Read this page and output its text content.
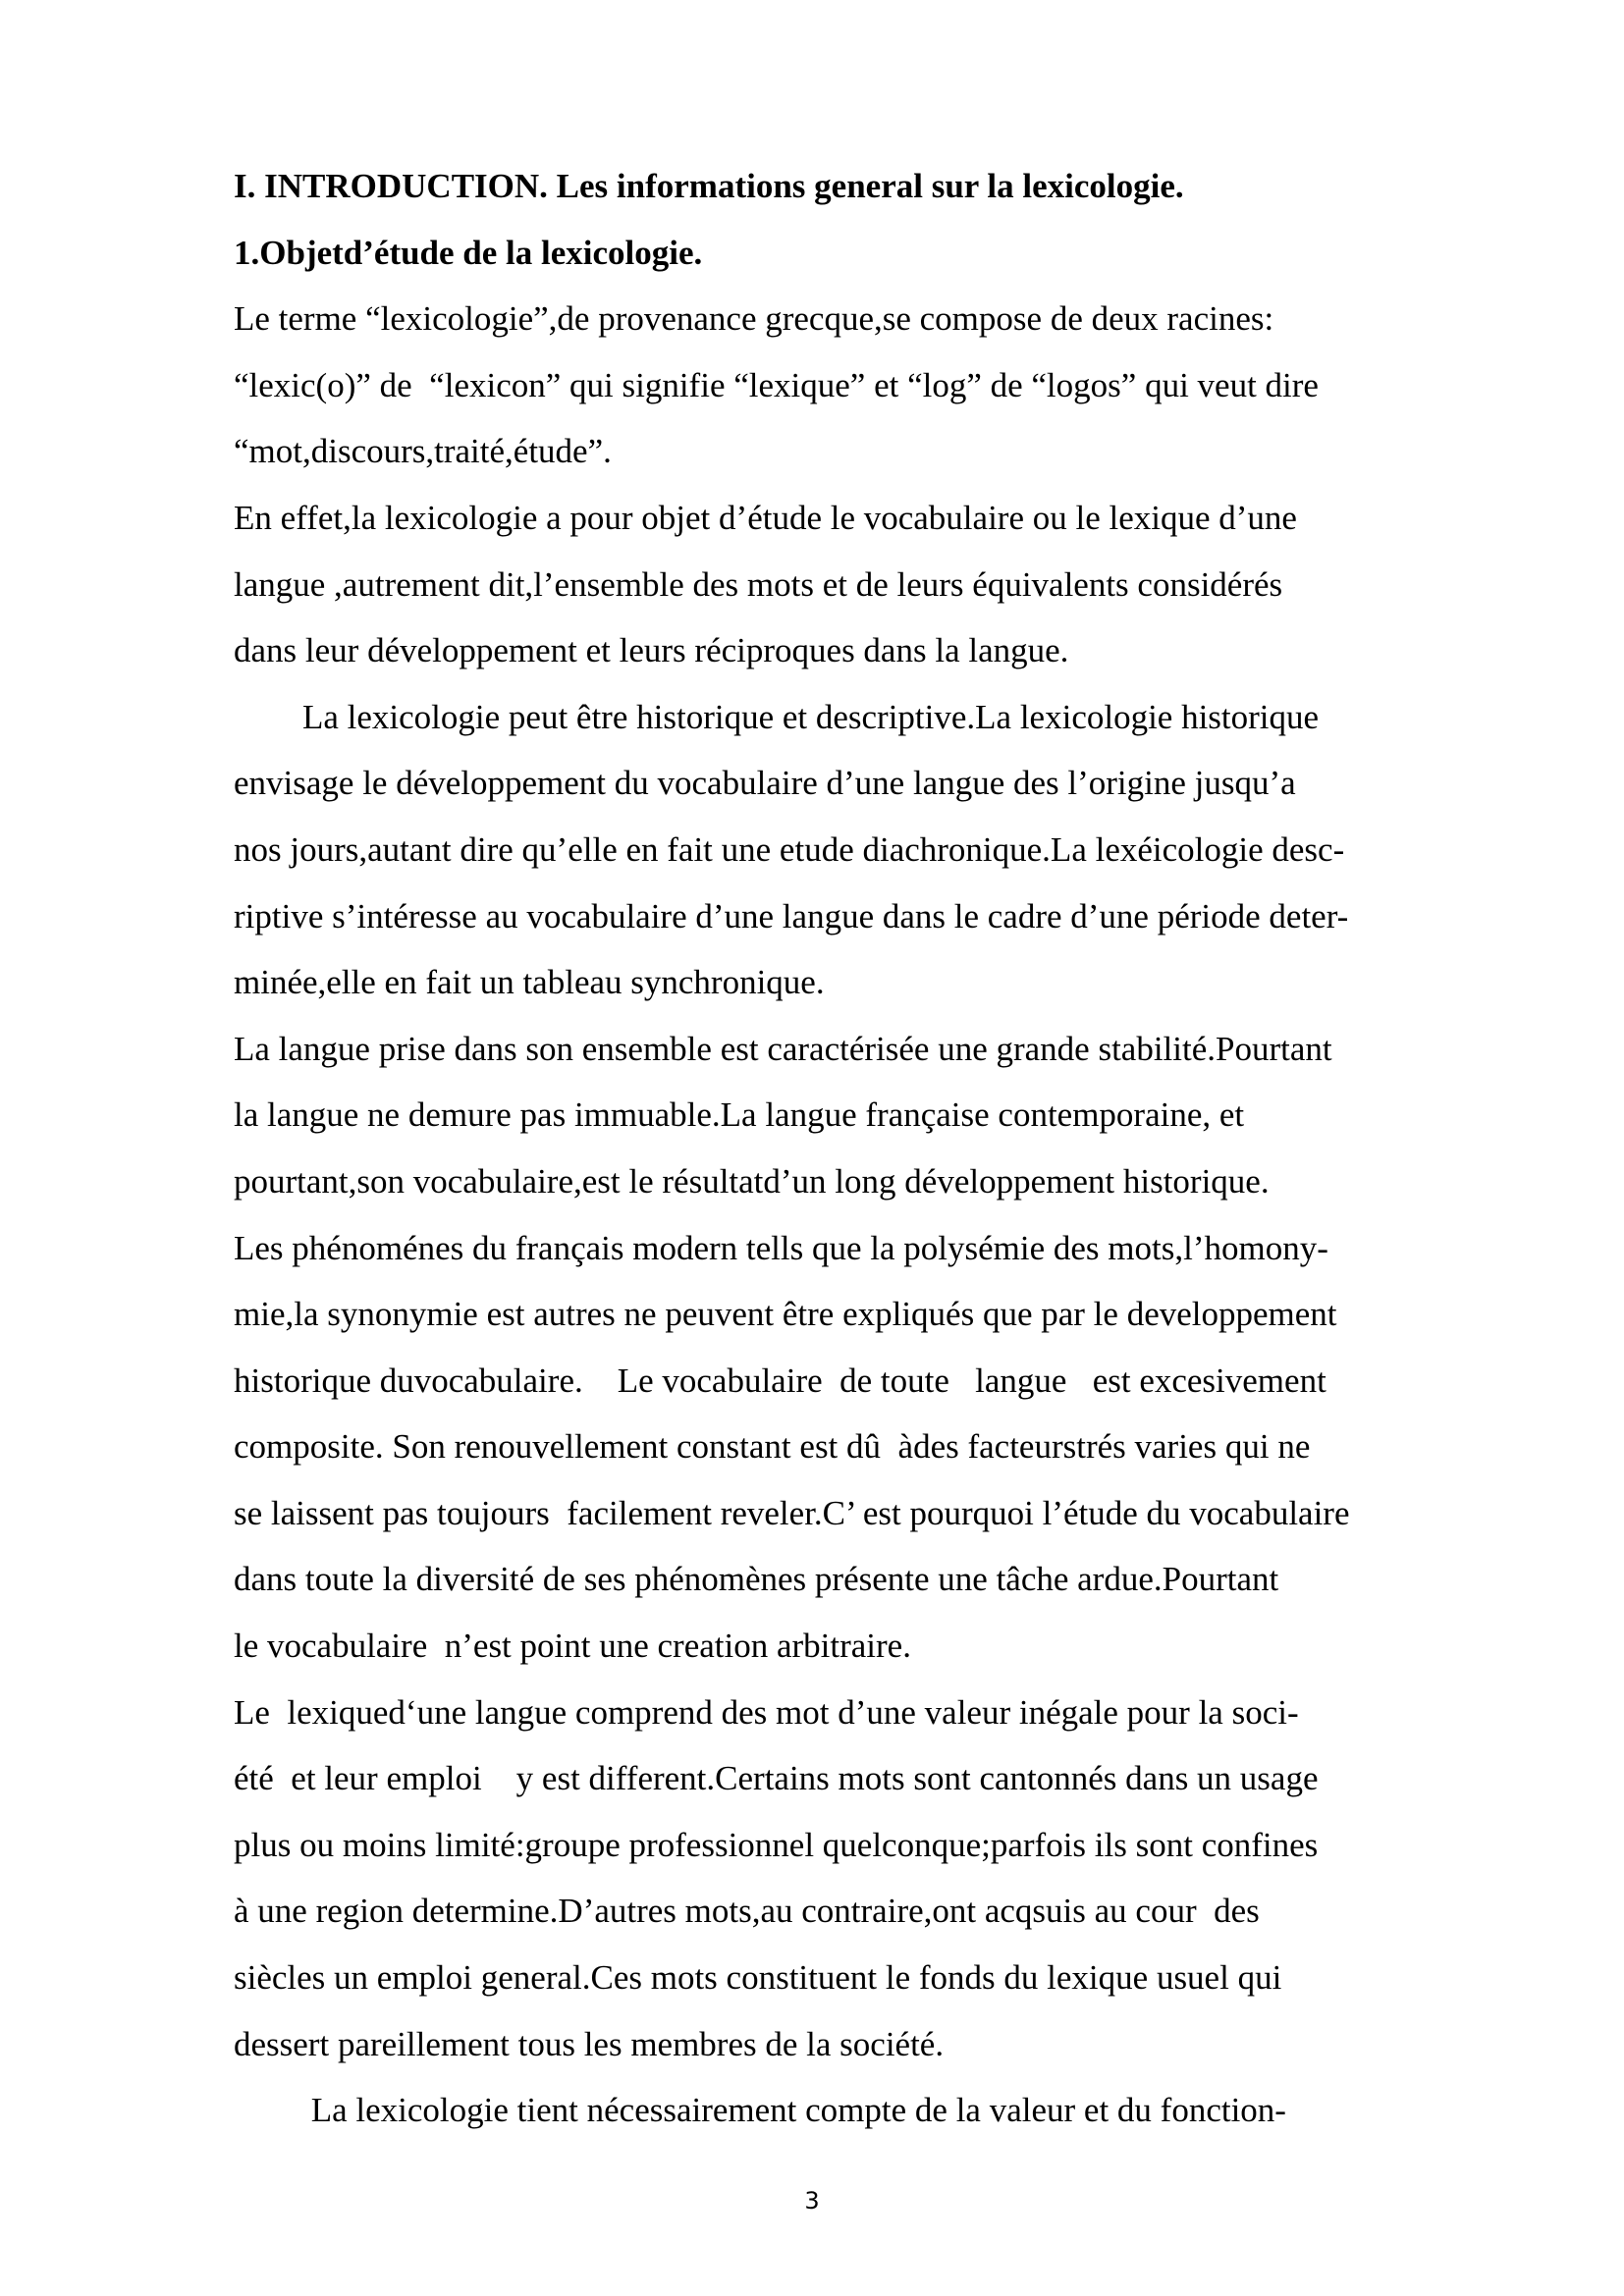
I. INTRODUCTION. Les informations general sur la lexicologie.
1.Objetd’étude de la lexicologie.
Le terme “lexicologie”,de provenance grecque,se compose de deux racines:
“lexic(o)” de  “lexicon” qui signifie “lexique” et “log” de “logos” qui veut dire
“mot,discours,traité,étude”.
En effet,la lexicologie a pour objet d’étude le vocabulaire ou le lexique d’une
langue ,autrement dit,l’ensemble des mots et de leurs équivalents considérés
dans leur développement et leurs réciproques dans la langue.
La lexicologie peut être historique et descriptive.La lexicologie historique
envisage le développement du vocabulaire d’une langue des l’origine jusqu’a
nos jours,autant dire qu’elle en fait une etude diachronique.La lexéicologie desc-
riptive s’intéresse au vocabulaire d’une langue dans le cadre d’une période deter-
minée,elle en fait un tableau synchronique.
La langue prise dans son ensemble est caractérisée une grande stabilité.Pourtant
la langue ne demure pas immuable.La langue française contemporaine, et
pourtant,son vocabulaire,est le résultatd’un long développement historique.
Les phénoménes du français modern tells que la polysémie des mots,l’homony-
mie,la synonymie est autres ne peuvent être expliqués que par le developpement
historique duvocabulaire.    Le vocabulaire  de toute   langue   est excesivement
composite. Son renouvellement constant est dû  àdes facteurstrés varies qui ne
se laissent pas toujours  facilement reveler.C’ est pourquoi l’étude du vocabulaire
dans toute la diversité de ses phénomènes présente une tâche ardue.Pourtant
le vocabulaire  n’est point une creation arbitraire.
Le  lexiqued‘une langue comprend des mot d’une valeur inégale pour la soci-
été  et leur emploi    y est different.Certains mots sont cantonnés dans un usage
plus ou moins limité:groupe professionnel quelconque;parfois ils sont confines
à une region determine.D’autres mots,au contraire,ont acqsuis au cour  des
siècles un emploi general.Ces mots constituent le fonds du lexique usuel qui
dessert pareillement tous les membres de la société.
La lexicologie tient nécessairement compte de la valeur et du fonction-
3
